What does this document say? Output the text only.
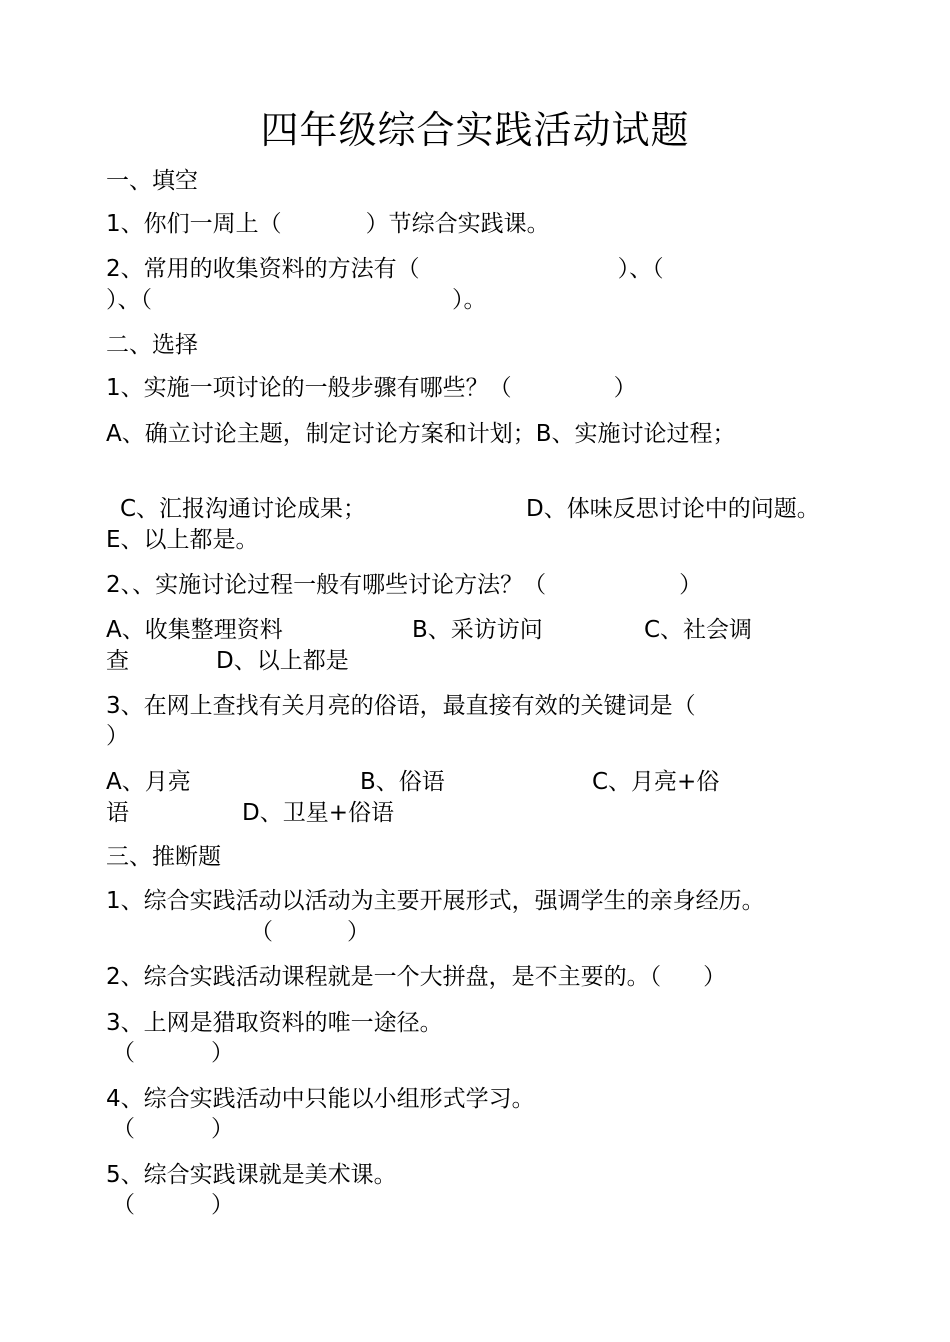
四年级综合实践活动试题
一、填空
1、你们一周上（	）节综合实践课。
2、常用的收集资料的方法有（	）、（
）、（	）。
二、选择
1、实施一项讨论的一般步骤有哪些？（	）
A、确立讨论主题，制定讨论方案和计划；B、实施讨论过程；
C、汇报沟通讨论成果；	D、体味反思讨论中的问题。
E、以上都是。
2、、实施讨论过程一般有哪些讨论方法？（	）
A、收集整理资料	B、采访访问	C、社会调
查	D、以上都是
3、在网上查找有关月亮的俗语，最直接有效的关键词是（
）
A、月亮	B、俗语	C、月亮+俗
语	D、卫星+俗语
三、推断题
1、综合实践活动以活动为主要开展形式，强调学生的亲身经历。
（	）
2、综合实践活动课程就是一个大拼盘，是不主要的。（ ）
3、上网是猎取资料的唯一途径。
（	）
4、综合实践活动中只能以小组形式学习。
（	）
5、综合实践课就是美术课。
（	）
